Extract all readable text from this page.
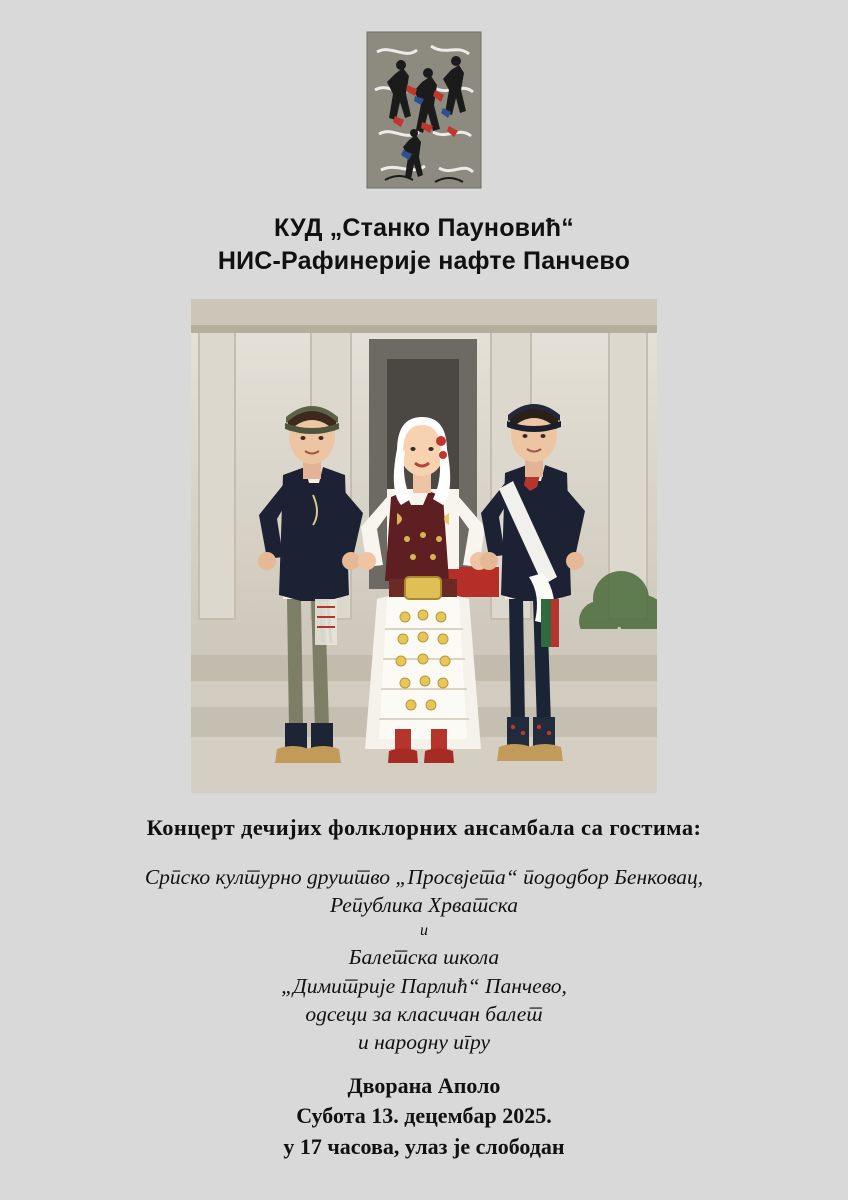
КУД „Станко Пауновић“
НИС-Рафинерије нафте Панчево
Концерт дечијих фолклорних ансамбала са гостима:
Српско културно друштво „Просвјета“ пододбор Бенковац,
Република Хрватска
и
Балетска школа
„Димитрије Парлић“ Панчево,
одсеци за класичан балет
и народну игру
Дворана Аполо
Субота 13. децембар 2025.
у 17 часова, улаз је слободан
